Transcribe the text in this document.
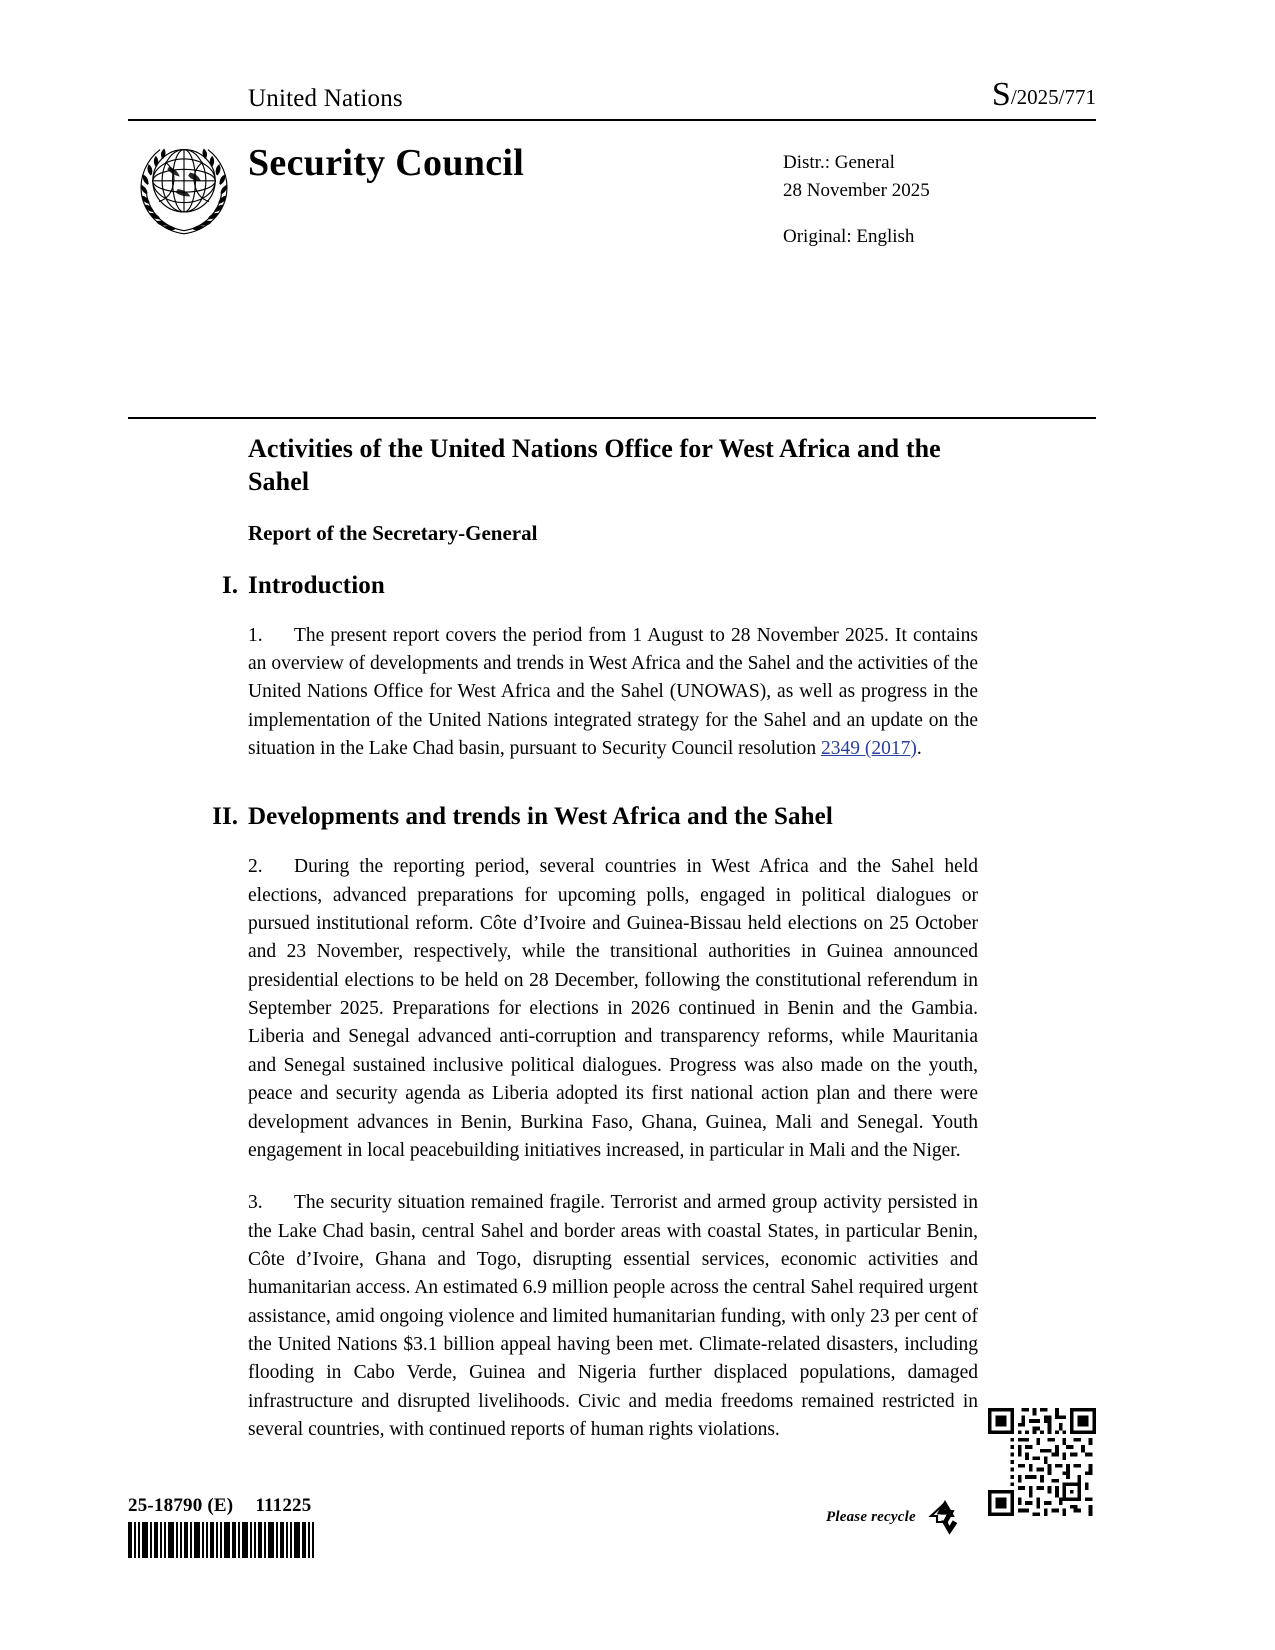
United Nations	S/2025/771
Security Council	Distr.: General
28 November 2025
Original: English
Activities of the United Nations Office for West Africa and the Sahel
Report of the Secretary-General
I. Introduction

1. The present report covers the period from 1 August to 28 November 2025. It contains an overview of developments and trends in West Africa and the Sahel and the activities of the United Nations Office for West Africa and the Sahel (UNOWAS), as well as progress in the implementation of the United Nations integrated strategy for the Sahel and an update on the situation in the Lake Chad basin, pursuant to Security Council resolution 2349 (2017).

II. Developments and trends in West Africa and the Sahel

2. During the reporting period, several countries in West Africa and the Sahel held elections, advanced preparations for upcoming polls, engaged in political dialogues or pursued institutional reform. Côte d’Ivoire and Guinea-Bissau held elections on 25 October and 23 November, respectively, while the transitional authorities in Guinea announced presidential elections to be held on 28 December, following the constitutional referendum in September 2025. Preparations for elections in 2026 continued in Benin and the Gambia. Liberia and Senegal advanced anti-corruption and transparency reforms, while Mauritania and Senegal sustained inclusive political dialogues. Progress was also made on the youth, peace and security agenda as Liberia adopted its first national action plan and there were development advances in Benin, Burkina Faso, Ghana, Guinea, Mali and Senegal. Youth engagement in local peacebuilding initiatives increased, in particular in Mali and the Niger.

3. The security situation remained fragile. Terrorist and armed group activity persisted in the Lake Chad basin, central Sahel and border areas with coastal States, in particular Benin, Côte d’Ivoire, Ghana and Togo, disrupting essential services, economic activities and humanitarian access. An estimated 6.9 million people across the central Sahel required urgent assistance, amid ongoing violence and limited humanitarian funding, with only 23 per cent of the United Nations $3.1 billion appeal having been met. Climate-related disasters, including flooding in Cabo Verde, Guinea and Nigeria further displaced populations, damaged infrastructure and disrupted livelihoods. Civic and media freedoms remained restricted in several countries, with continued reports of human rights violations.

25-18790 (E) 111225
Please recycle
